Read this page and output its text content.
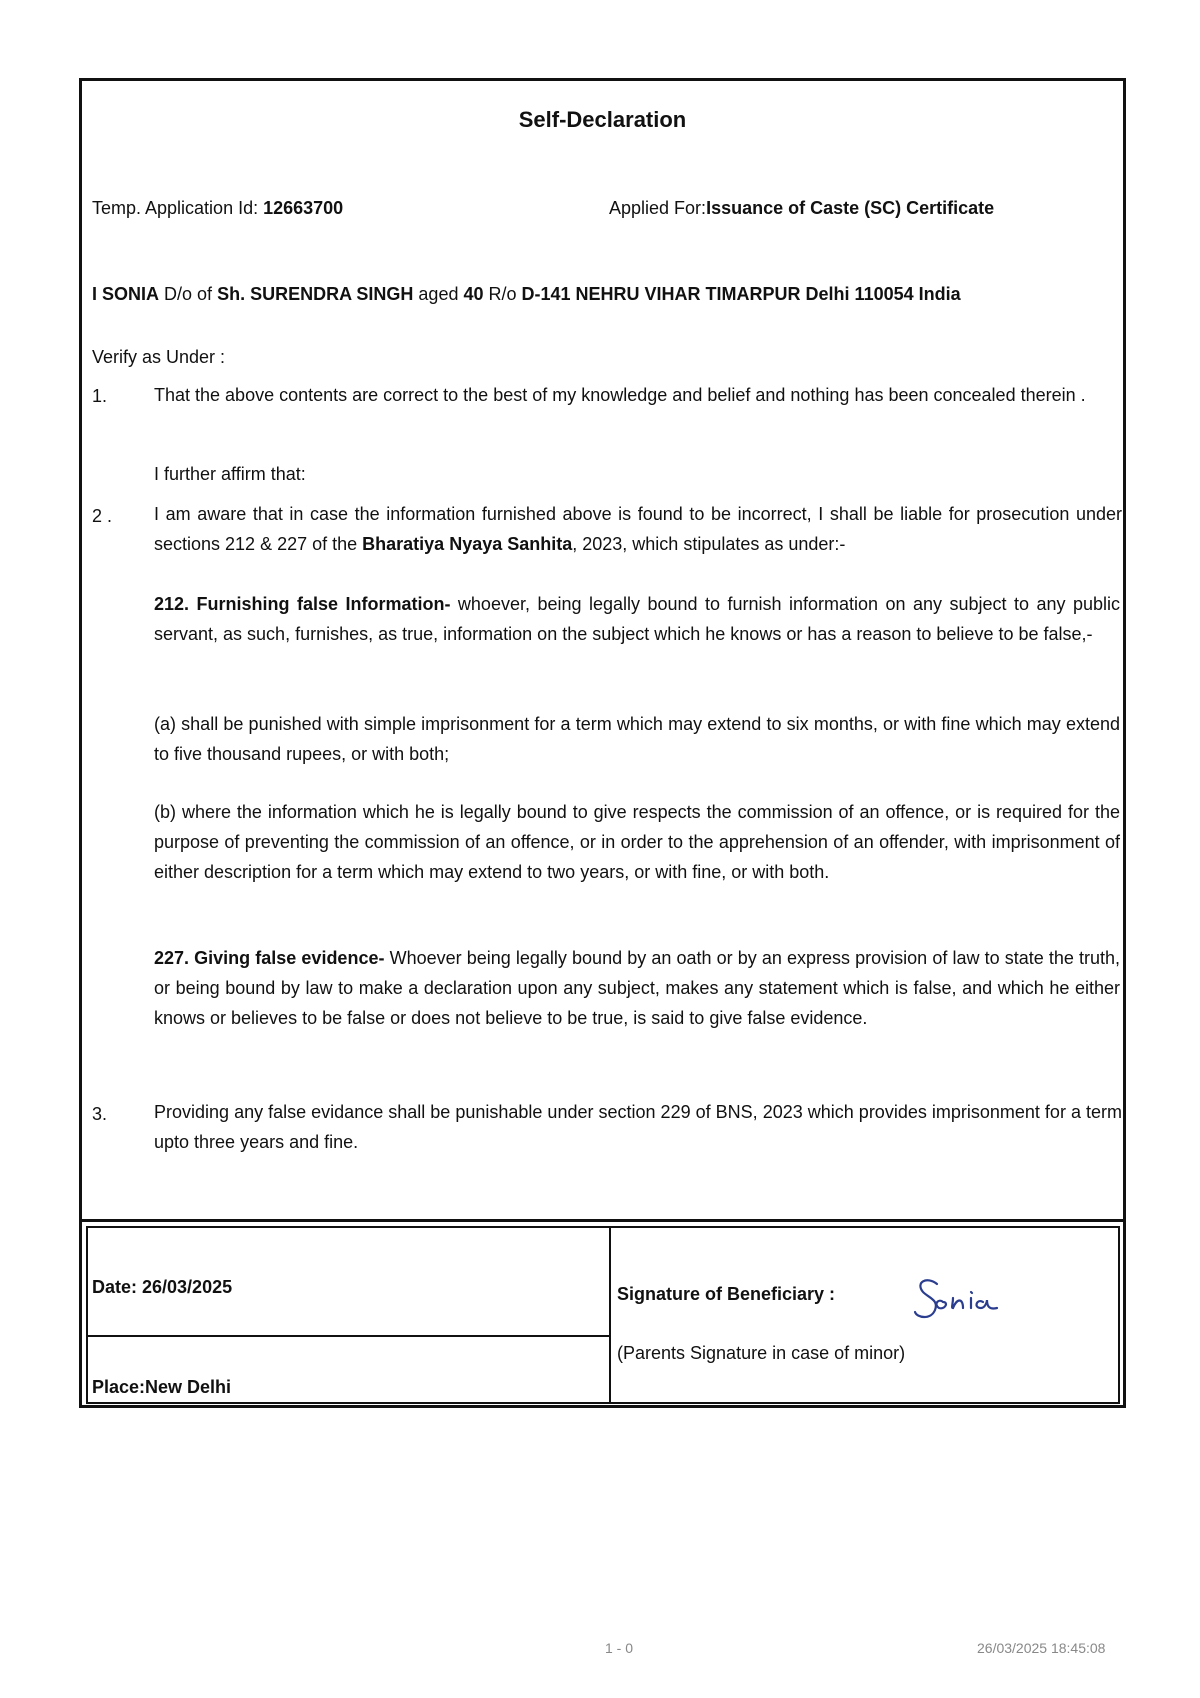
Self-Declaration
Temp. Application Id: 12663700	Applied For:Issuance of Caste (SC) Certificate
I SONIA D/o of Sh. SURENDRA SINGH aged 40 R/o D-141 NEHRU VIHAR TIMARPUR Delhi 110054 India
Verify as Under :
1.	That the above contents are correct to the best of my knowledge and belief and nothing has been concealed therein .
I further affirm that:
2 .	I am aware that in case the information furnished above is found to be incorrect, I shall be liable for prosecution under sections 212 & 227 of the Bharatiya Nyaya Sanhita, 2023, which stipulates as under:-
212. Furnishing false Information- whoever, being legally bound to furnish information on any subject to any public servant, as such, furnishes, as true, information on the subject which he knows or has a reason to believe to be false,-
(a) shall be punished with simple imprisonment for a term which may extend to six months, or with fine which may extend to five thousand rupees, or with both;
(b) where the information which he is legally bound to give respects the commission of an offence, or is required for the purpose of preventing the commission of an offence, or in order to the apprehension of an offender, with imprisonment of either description for a term which may extend to two years, or with fine, or with both.
227. Giving false evidence- Whoever being legally bound by an oath or by an express provision of law to state the truth, or being bound by law to make a declaration upon any subject, makes any statement which is false, and which he either knows or believes to be false or does not believe to be true, is said to give false evidence.
3.	Providing any false evidance shall be punishable under section 229 of BNS, 2023 which provides imprisonment for a term upto three years and fine.
Date: 26/03/2025
Place:New Delhi
Signature of Beneficiary :
(Parents Signature in case of minor)
1 - 0	26/03/2025 18:45:08
